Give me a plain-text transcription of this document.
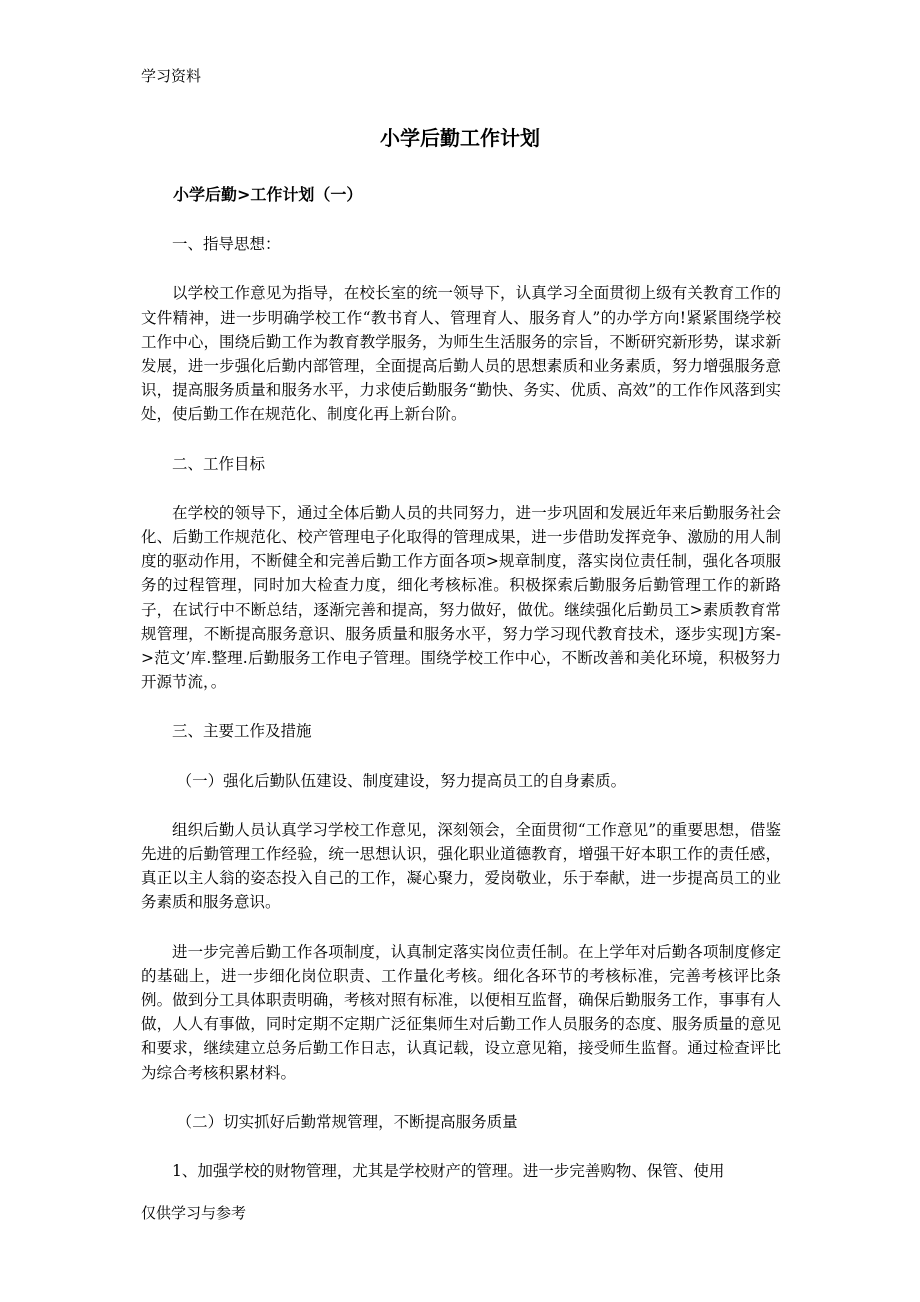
学习资料
小学后勤工作计划

小学后勤>工作计划（一）

一、指导思想：

以学校工作意见为指导，在校长室的统一领导下，认真学习全面贯彻上级有关教育工作的文件精神，进一步明确学校工作“教书育人、管理育人、服务育人”的办学方向!紧紧围绕学校工作中心，围绕后勤工作为教育教学服务，为师生生活服务的宗旨，不断研究新形势，谋求新发展，进一步强化后勤内部管理，全面提高后勤人员的思想素质和业务素质，努力增强服务意识，提高服务质量和服务水平，力求使后勤服务“勤快、务实、优质、高效”的工作作风落到实处，使后勤工作在规范化、制度化再上新台阶。

二、工作目标

在学校的领导下，通过全体后勤人员的共同努力，进一步巩固和发展近年来后勤服务社会化、后勤工作规范化、校产管理电子化取得的管理成果，进一步借助发挥竞争、激励的用人制度的驱动作用，不断健全和完善后勤工作方面各项>规章制度，落实岗位责任制，强化各项服务的过程管理，同时加大检查力度，细化考核标准。积极探索后勤服务后勤管理工作的新路子，在试行中不断总结，逐渐完善和提高，努力做好，做优。继续强化后勤员工>素质教育常规管理，不断提高服务意识、服务质量和服务水平，努力学习现代教育技术，逐步实现]方案->范文’库.整理.后勤服务工作电子管理。围绕学校工作中心，不断改善和美化环境，积极努力开源节流，。

三、主要工作及措施

（一）强化后勤队伍建设、制度建设，努力提高员工的自身素质。

组织后勤人员认真学习学校工作意见，深刻领会，全面贯彻“工作意见”的重要思想，借鉴先进的后勤管理工作经验，统一思想认识，强化职业道德教育，增强干好本职工作的责任感，真正以主人翁的姿态投入自己的工作，凝心聚力，爱岗敬业，乐于奉献，进一步提高员工的业务素质和服务意识。

进一步完善后勤工作各项制度，认真制定落实岗位责任制。在上学年对后勤各项制度修定的基础上，进一步细化岗位职责、工作量化考核。细化各环节的考核标准，完善考核评比条例。做到分工具体职责明确，考核对照有标准，以便相互监督，确保后勤服务工作，事事有人做，人人有事做，同时定期不定期广泛征集师生对后勤工作人员服务的态度、服务质量的意见和要求，继续建立总务后勤工作日志，认真记载，设立意见箱，接受师生监督。通过检查评比为综合考核积累材料。

（二）切实抓好后勤常规管理，不断提高服务质量

1、加强学校的财物管理，尤其是学校财产的管理。进一步完善购物、保管、使用

仅供学习与参考
